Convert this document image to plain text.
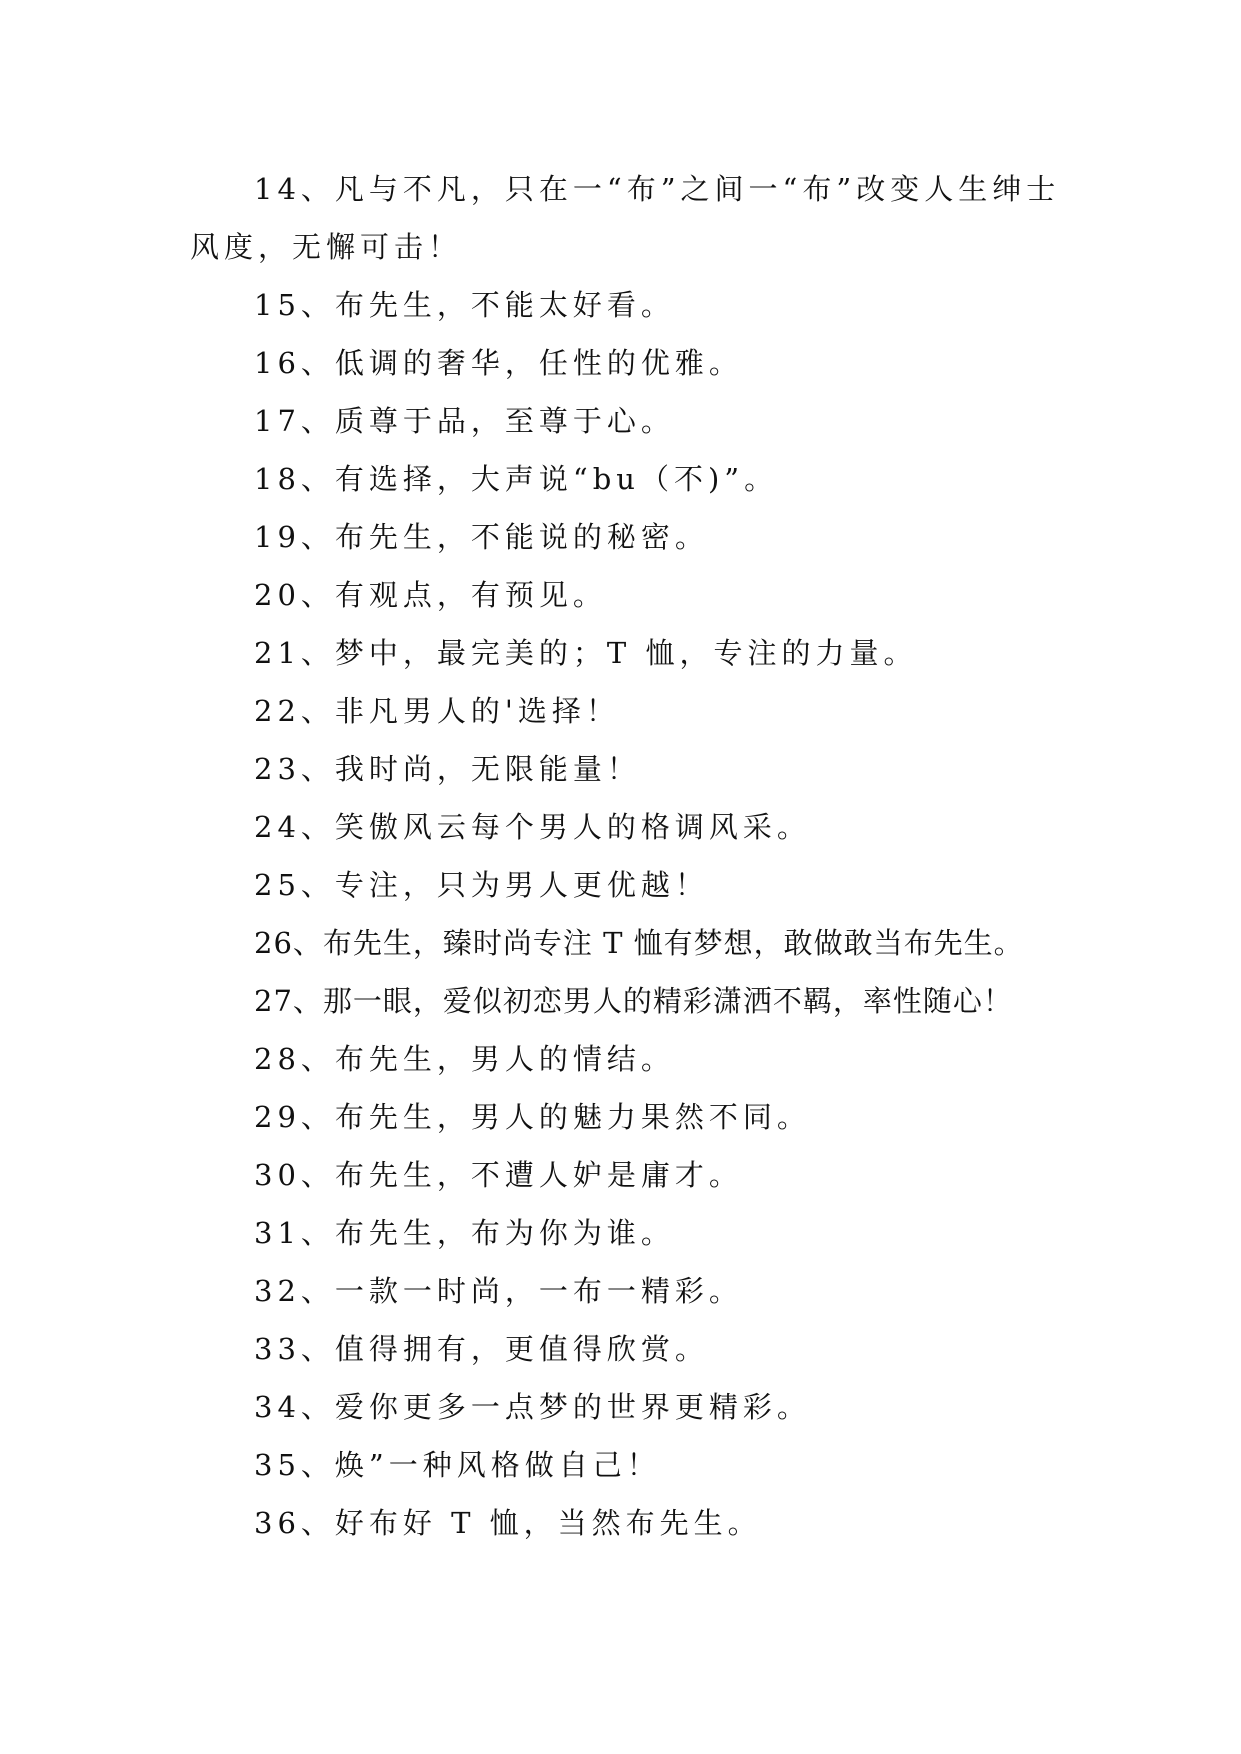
14、凡与不凡，只在一“布”之间一“布”改变人生绅士风度，无懈可击！

15、布先生，不能太好看。

16、低调的奢华，任性的优雅。

17、质尊于品，至尊于心。

18、有选择，大声说“bu（不)”。

19、布先生，不能说的秘密。

20、有观点，有预见。

21、梦中，最完美的；T 恤，专注的力量。

22、非凡男人的'选择！

23、我时尚，无限能量！

24、笑傲风云每个男人的格调风采。

25、专注，只为男人更优越！

26、布先生，臻时尚专注 T 恤有梦想，敢做敢当布先生。

27、那一眼，爱似初恋男人的精彩潇洒不羁，率性随心！

28、布先生，男人的情结。

29、布先生，男人的魅力果然不同。

30、布先生，不遭人妒是庸才。

31、布先生，布为你为谁。

32、一款一时尚，一布一精彩。

33、值得拥有，更值得欣赏。

34、爱你更多一点梦的世界更精彩。

35、焕”一种风格做自己！

36、好布好 T 恤，当然布先生。
